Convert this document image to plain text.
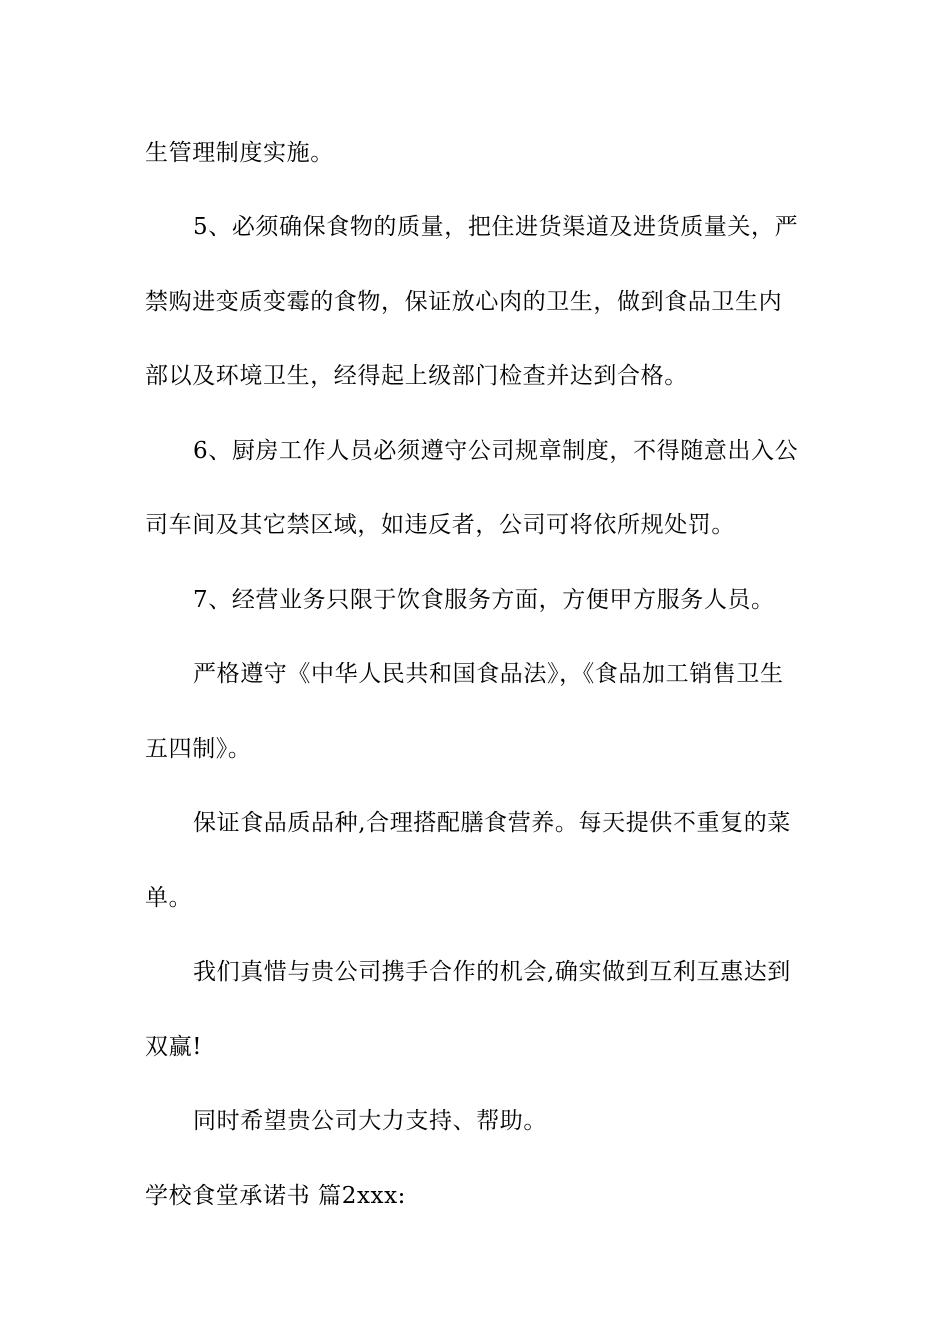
生管理制度实施。
5、必须确保食物的质量，把住进货渠道及进货质量关，严
禁购进变质变霉的食物，保证放心肉的卫生，做到食品卫生内
部以及环境卫生，经得起上级部门检查并达到合格。
6、厨房工作人员必须遵守公司规章制度，不得随意出入公
司车间及其它禁区域，如违反者，公司可将依所规处罚。
7、经营业务只限于饮食服务方面，方便甲方服务人员。
严格遵守《中华人民共和国食品法》，《食品加工销售卫生
五四制》。
保证食品质品种,合理搭配膳食营养。每天提供不重复的菜
单。
我们真惜与贵公司携手合作的机会,确实做到互利互惠达到
双赢!
同时希望贵公司大力支持、帮助。
学校食堂承诺书 篇2xxx:
